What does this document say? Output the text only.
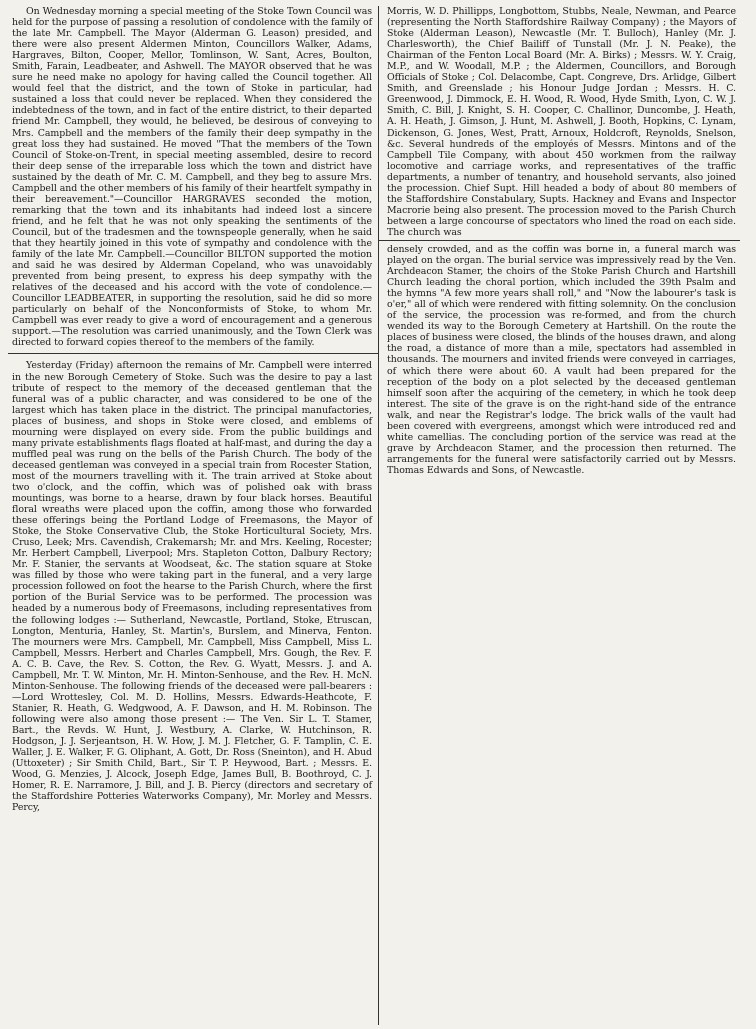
On Wednesday morning a special meeting of the Stoke Town Council was held for the purpose of passing a resolution of condolence with the family of the late Mr. Campbell. The Mayor (Alderman G. Leason) presided, and there were also present Aldermen Minton, Councillors Walker, Adams, Hargraves, Bilton, Cooper, Mellor, Tomlinson, W. Sant, Acres, Boulton, Smith, Farain, Leadbeater, and Ashwell. The MAYOR observed that he was sure he need make no apology for having called the Council together. All would feel that the district, and the town of Stoke in particular, had sustained a loss that could never be replaced. When they considered the indebtedness of the town, and in fact of the entire district, to their departed friend Mr. Campbell, they would, he believed, be desirous of conveying to Mrs. Campbell and the members of the family their deep sympathy in the great loss they had sustained. He moved "That the members of the Town Council of Stoke-on-Trent, in special meeting assembled, desire to record their deep sense of the irreparable loss which the town and district have sustained by the death of Mr. C. M. Campbell, and they beg to assure Mrs. Campbell and the other members of his family of their heartfelt sympathy in their bereavement."—Councillor HARGRAVES seconded the motion, remarking that the town and its inhabitants had indeed lost a sincere friend, and he felt that he was not only speaking the sentiments of the Council, but of the tradesmen and the townspeople generally, when he said that they heartily joined in this vote of sympathy and condolence with the family of the late Mr. Campbell.—Councillor BILTON supported the motion and said he was desired by Alderman Copeland, who was unavoidably prevented from being present, to express his deep sympathy with the relatives of the deceased and his accord with the vote of condolence.—Councillor LEADBEATER, in supporting the resolution, said he did so more particularly on behalf of the Nonconformists of Stoke, to whom Mr. Campbell was ever ready to give a word of encouragement and a generous support.—The resolution was carried unanimously, and the Town Clerk was directed to forward copies thereof to the members of the family.

Yesterday (Friday) afternoon the remains of Mr. Campbell were interred in the new Borough Cemetery of Stoke. Such was the desire to pay a last tribute of respect to the memory of the deceased gentleman that the funeral was of a public character, and was considered to be one of the largest which has taken place in the district. The principal manufactories, places of business, and shops in Stoke were closed, and emblems of mourning were displayed on every side. From the public buildings and many private establishments flags floated at half-mast, and during the day a muffled peal was rung on the bells of the Parish Church. The body of the deceased gentleman was conveyed in a special train from Rocester Station, most of the mourners travelling with it. The train arrived at Stoke about two o'clock, and the coffin, which was of polished oak with brass mountings, was borne to a hearse, drawn by four black horses. Beautiful floral wreaths were placed upon the coffin, among those who forwarded these offerings being the Portland Lodge of Freemasons, the Mayor of Stoke, the Stoke Conservative Club, the Stoke Horticultural Society, Mrs. Cruso, Leek; Mrs. Cavendish, Crakemarsh; Mr. and Mrs. Keeling, Rocester; Mr. Herbert Campbell, Liverpool; Mrs. Stapleton Cotton, Dalbury Rectory; Mr. F. Stanier, the servants at Woodseat, &c. The station square at Stoke was filled by those who were taking part in the funeral, and a very large procession followed on foot the hearse to the Parish Church, where the first portion of the Burial Service was to be performed. The procession was headed by a numerous body of Freemasons, including representatives from the following lodges :— Sutherland, Newcastle, Portland, Stoke, Etruscan, Longton, Menturia, Hanley, St. Martin's, Burslem, and Minerva, Fenton. The mourners were Mrs. Campbell, Mr. Campbell, Miss Campbell, Miss L. Campbell, Messrs. Herbert and Charles Campbell, Mrs. Gough, the Rev. F. A. C. B. Cave, the Rev. S. Cotton, the Rev. G. Wyatt, Messrs. J. and A. Campbell, Mr. T. W. Minton, Mr. H. Minton-Senhouse, and the Rev. H. McN. Minton-Senhouse. The following friends of the deceased were pall-bearers :—Lord Wrottesley, Col. M. D. Hollins, Messrs. Edwards-Heathcote, F. Stanier, R. Heath, G. Wedgwood, A. F. Dawson, and H. M. Robinson. The following were also among those present :— The Ven. Sir L. T. Stamer, Bart., the Revds. W. Hunt, J. Westbury, A. Clarke, W. Hutchinson, R. Hodgson, J. J. Serjeantson, H. W. How, J. M. J. Fletcher, G. F. Tamplin, C. E. Waller, J. E. Walker, F. G. Oliphant, A. Gott, Dr. Ross (Sneinton), and H. Abud (Uttoxeter) ; Sir Smith Child, Bart., Sir T. P. Heywood, Bart. ; Messrs. E. Wood, G. Menzies, J. Alcock, Joseph Edge, James Bull, B. Boothroyd, C. J. Homer, R. E. Narramore, J. Bill, and J. B. Piercy (directors and secretary of the Staffordshire Potteries Waterworks Company), Mr. Morley and Messrs. Percy,

Morris, W. D. Phillipps, Longbottom, Stubbs, Neale, Newman, and Pearce (representing the North Staffordshire Railway Company) ; the Mayors of Stoke (Alderman Leason), Newcastle (Mr. T. Bulloch), Hanley (Mr. J. Charlesworth), the Chief Bailiff of Tunstall (Mr. J. N. Peake), the Chairman of the Fenton Local Board (Mr. A. Birks) ; Messrs. W. Y. Craig, M.P., and W. Woodall, M.P. ; the Aldermen, Councillors, and Borough Officials of Stoke ; Col. Delacombe, Capt. Congreve, Drs. Arlidge, Gilbert Smith, and Greenslade ; his Honour Judge Jordan ; Messrs. H. C. Greenwood, J. Dimmock, E. H. Wood, R. Wood, Hyde Smith, Lyon, C. W. J. Smith, C. Bill, J. Knight, S. H. Cooper, C. Challinor, Duncombe, J. Heath, A. H. Heath, J. Gimson, J. Hunt, M. Ashwell, J. Booth, Hopkins, C. Lynam, Dickenson, G. Jones, West, Pratt, Arnoux, Holdcroft, Reynolds, Snelson, &c. Several hundreds of the employés of Messrs. Mintons and of the Campbell Tile Company, with about 450 workmen from the railway locomotive and carriage works, and representatives of the traffic departments, a number of tenantry, and household servants, also joined the procession. Chief Supt. Hill headed a body of about 80 members of the Staffordshire Constabulary, Supts. Hackney and Evans and Inspector Macrorie being also present. The procession moved to the Parish Church between a large concourse of spectators who lined the road on each side. The church was

densely crowded, and as the coffin was borne in, a funeral march was played on the organ. The burial service was impressively read by the Ven. Archdeacon Stamer, the choirs of the Stoke Parish Church and Hartshill Church leading the choral portion, which included the 39th Psalm and the hymns "A few more years shall roll," and "Now the labourer's task is o'er," all of which were rendered with fitting solemnity. On the conclusion of the service, the procession was re-formed, and from the church wended its way to the Borough Cemetery at Hartshill. On the route the places of business were closed, the blinds of the houses drawn, and along the road, a distance of more than a mile, spectators had assembled in thousands. The mourners and invited friends were conveyed in carriages, of which there were about 60. A vault had been prepared for the reception of the body on a plot selected by the deceased gentleman himself soon after the acquiring of the cemetery, in which he took deep interest. The site of the grave is on the right-hand side of the entrance walk, and near the Registrar's lodge. The brick walls of the vault had been covered with evergreens, amongst which were introduced red and white camellias. The concluding portion of the service was read at the grave by Archdeacon Stamer, and the procession then returned. The arrangements for the funeral were satisfactorily carried out by Messrs. Thomas Edwards and Sons, of Newcastle.
